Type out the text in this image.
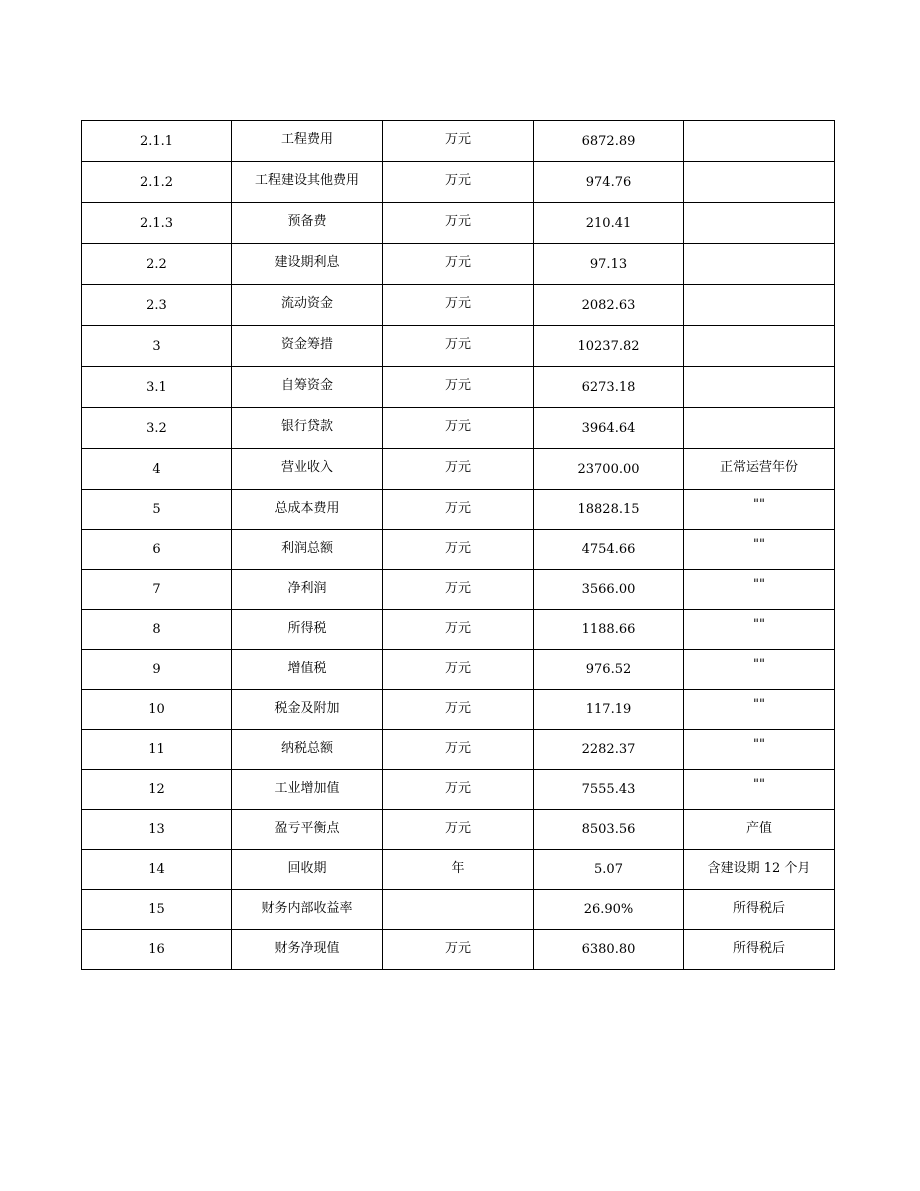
2.1.1	工程费用	万元	6872.89	
2.1.2	工程建设其他费用	万元	974.76	
2.1.3	预备费	万元	210.41	
2.2	建设期利息	万元	97.13	
2.3	流动资金	万元	2082.63	
3	资金筹措	万元	10237.82	
3.1	自筹资金	万元	6273.18	
3.2	银行贷款	万元	3964.64	
4	营业收入	万元	23700.00	正常运营年份
5	总成本费用	万元	18828.15	""
6	利润总额	万元	4754.66	""
7	净利润	万元	3566.00	""
8	所得税	万元	1188.66	""
9	增值税	万元	976.52	""
10	税金及附加	万元	117.19	""
11	纳税总额	万元	2282.37	""
12	工业增加值	万元	7555.43	""
13	盈亏平衡点	万元	8503.56	产值
14	回收期	年	5.07	含建设期 12 个月
15	财务内部收益率		26.90%	所得税后
16	财务净现值	万元	6380.80	所得税后
